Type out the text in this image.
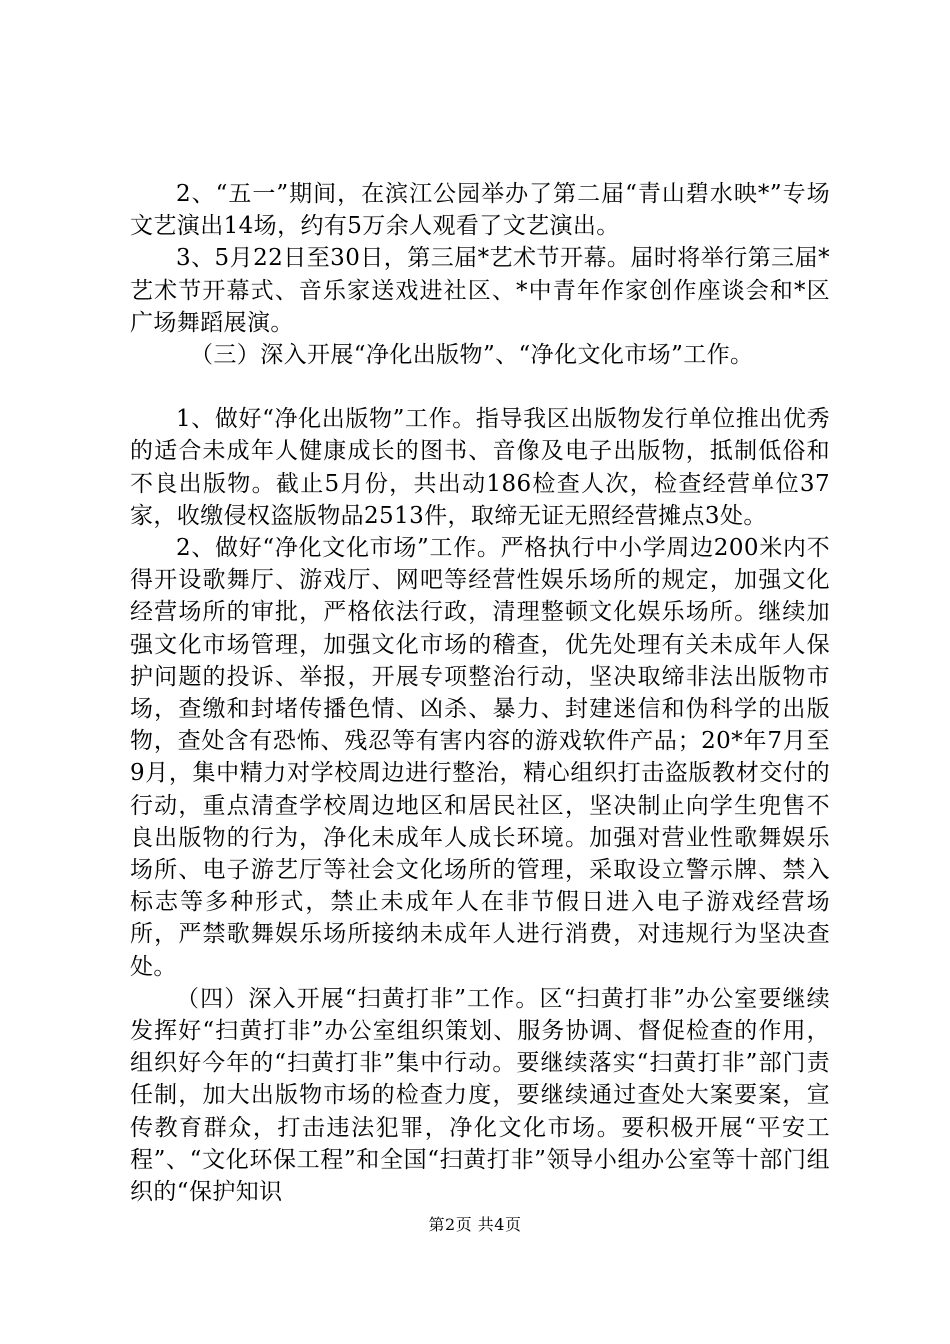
2、“五一”期间，在滨江公园举办了第二届“青山碧水映*”专场文艺演出14场，约有5万余人观看了文艺演出。

3、5月22日至30日，第三届*艺术节开幕。届时将举行第三届*艺术节开幕式、音乐家送戏进社区、*中青年作家创作座谈会和*区广场舞蹈展演。

（三）深入开展“净化出版物”、“净化文化市场”工作。

1、做好“净化出版物”工作。指导我区出版物发行单位推出优秀的适合未成年人健康成长的图书、音像及电子出版物，抵制低俗和不良出版物。截止5月份，共出动186检查人次，检查经营单位37家，收缴侵权盗版物品2513件，取缔无证无照经营摊点3处。

2、做好“净化文化市场”工作。严格执行中小学周边200米内不得开设歌舞厅、游戏厅、网吧等经营性娱乐场所的规定，加强文化经营场所的审批，严格依法行政，清理整顿文化娱乐场所。继续加强文化市场管理，加强文化市场的稽查，优先处理有关未成年人保护问题的投诉、举报，开展专项整治行动，坚决取缔非法出版物市场，查缴和封堵传播色情、凶杀、暴力、封建迷信和伪科学的出版物，查处含有恐怖、残忍等有害内容的游戏软件产品；20*年7月至9月，集中精力对学校周边进行整治，精心组织打击盗版教材交付的行动，重点清查学校周边地区和居民社区，坚决制止向学生兜售不良出版物的行为，净化未成年人成长环境。加强对营业性歌舞娱乐场所、电子游艺厅等社会文化场所的管理，采取设立警示牌、禁入标志等多种形式，禁止未成年人在非节假日进入电子游戏经营场所，严禁歌舞娱乐场所接纳未成年人进行消费，对违规行为坚决查处。

（四）深入开展“扫黄打非”工作。区“扫黄打非”办公室要继续发挥好“扫黄打非”办公室组织策划、服务协调、督促检查的作用，组织好今年的“扫黄打非”集中行动。要继续落实“扫黄打非”部门责任制，加大出版物市场的检查力度，要继续通过查处大案要案，宣传教育群众，打击违法犯罪，净化文化市场。要积极开展“平安工程”、“文化环保工程”和全国“扫黄打非”领导小组办公室等十部门组织的“保护知识

第2页 共4页
